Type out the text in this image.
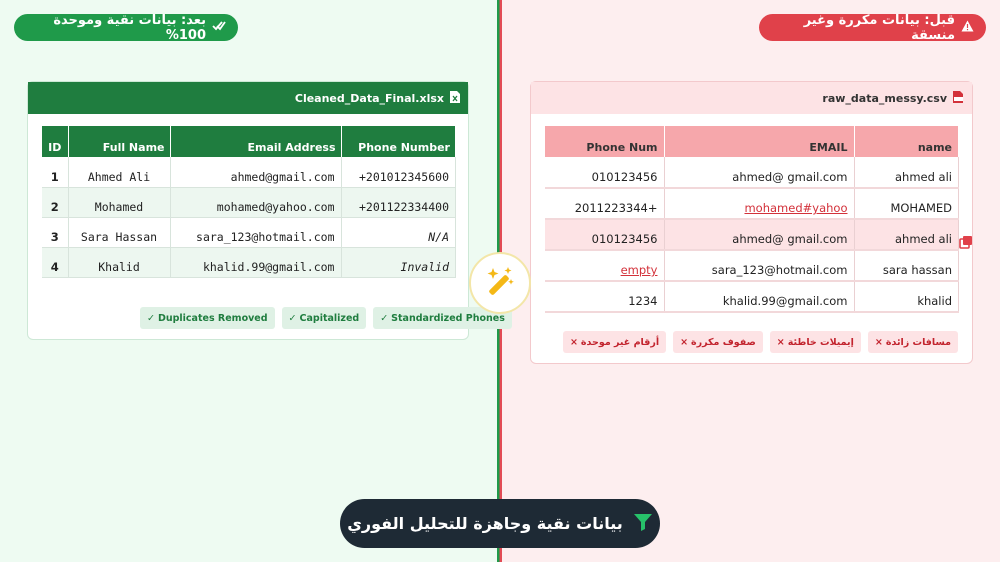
بعد: بيانات نقية وموحدة 100%
قبل: بيانات مكررة وغير منسقة
Cleaned_Data_Final.xlsx
ID	Full Name	Email Address	Phone Number
1	Ahmed Ali	ahmed@gmail.com	+201012345600
2	Mohamed	mohamed@yahoo.com	+201122334400
3	Sara Hassan	sara_123@hotmail.com	N/A
4	Khalid	khalid.99@gmail.com	Invalid
✓ Duplicates Removed ✓ Capitalized ✓ Standardized Phones
raw_data_messy.csv
Phone Num	EMAIL	name
010123456	ahmed@ gmail.com	ahmed ali
2011223344+	mohamed#yahoo	MOHAMED
010123456	ahmed@ gmail.com	ahmed ali
empty	sara_123@hotmail.com	sara hassan
1234	khalid.99@gmail.com	khalid
مسافات زائدة
×
إيميلات خاطئة
×
صفوف مكررة
×
أرقام غير موحدة
×
بيانات نقية وجاهزة للتحليل الفوري
